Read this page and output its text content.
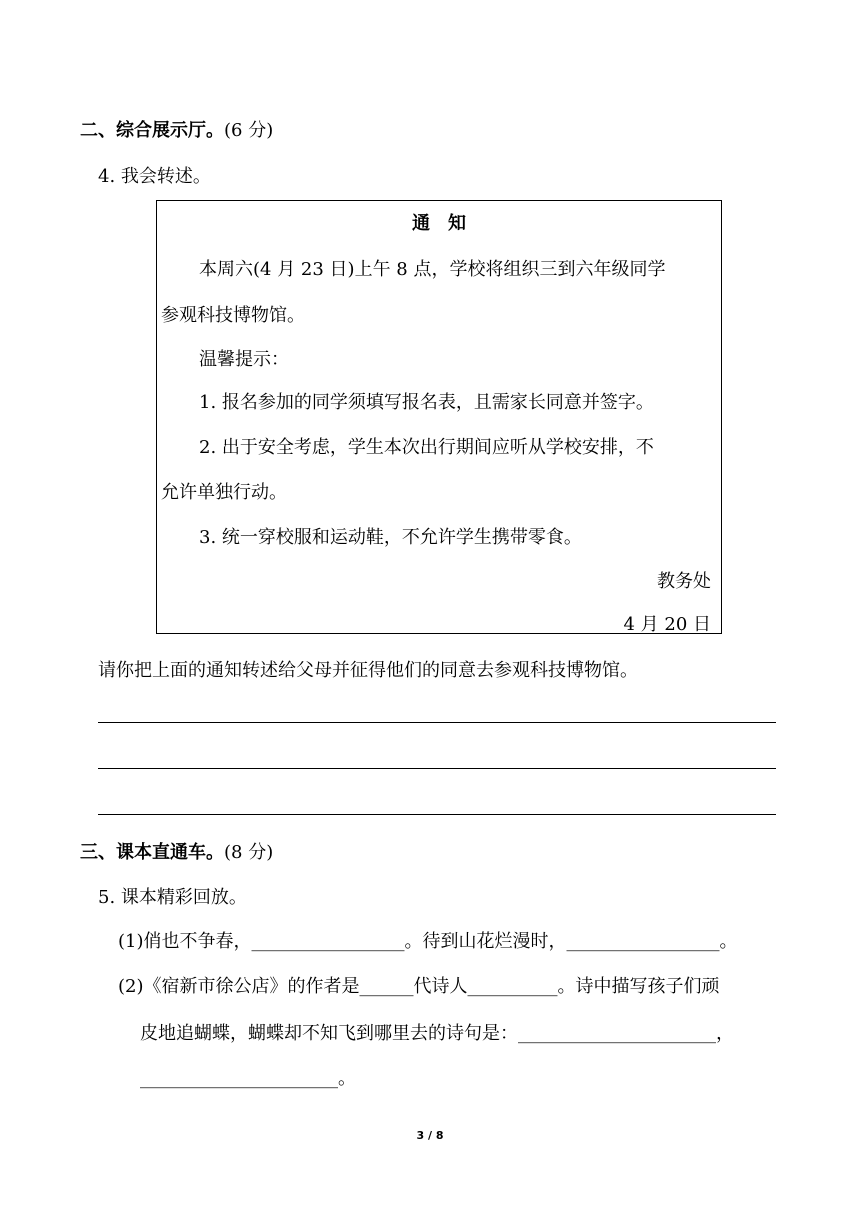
二、综合展示厅。(6 分)
4. 我会转述。
通　知
本周六(4 月 23 日)上午 8 点，学校将组织三到六年级同学
参观科技博物馆。
温馨提示：
1. 报名参加的同学须填写报名表，且需家长同意并签字。
2. 出于安全考虑，学生本次出行期间应听从学校安排，不
允许单独行动。
3. 统一穿校服和运动鞋，不允许学生携带零食。
教务处
4 月 20 日
请你把上面的通知转述给父母并征得他们的同意去参观科技博物馆。
三、课本直通车。(8 分)
5. 课本精彩回放。
(1)俏也不争春，_________________。待到山花烂漫时，_________________。
(2)《宿新市徐公店》的作者是______代诗人__________。诗中描写孩子们顽
皮地追蝴蝶，蝴蝶却不知飞到哪里去的诗句是：______________________，
______________________。
3 / 8
